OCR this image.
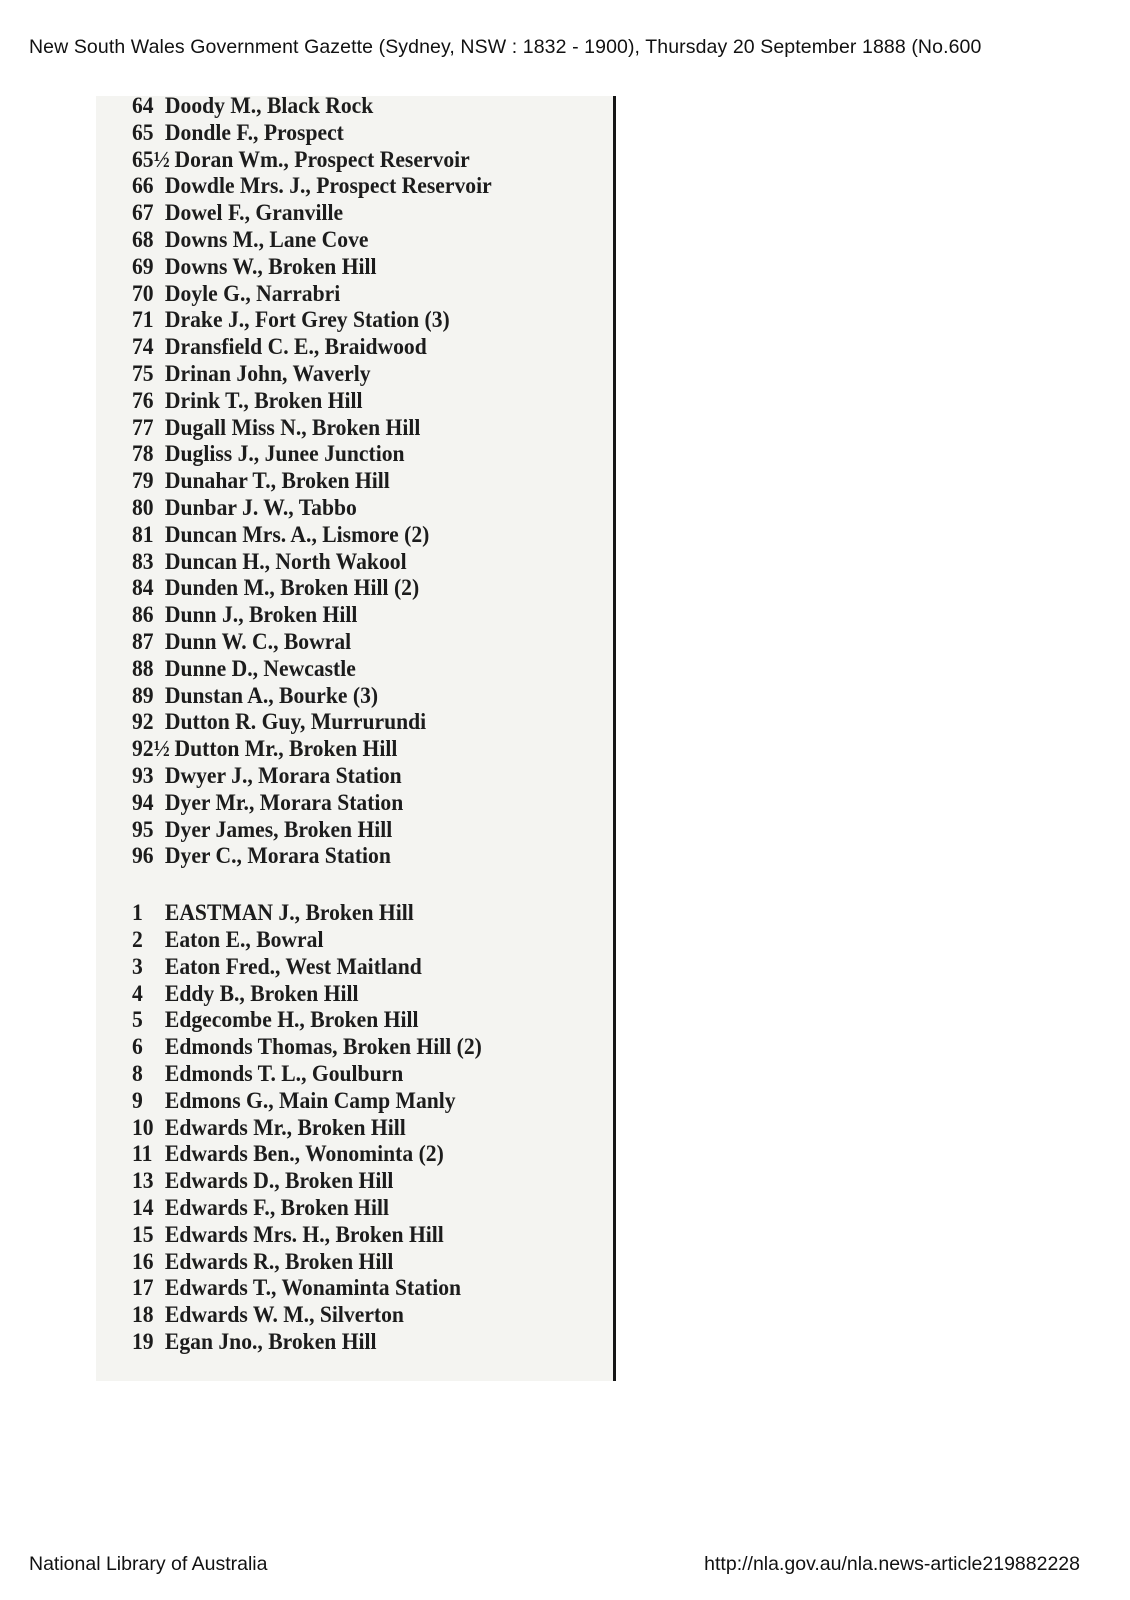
New South Wales Government Gazette (Sydney, NSW : 1832 - 1900), Thursday 20 September 1888 (No.600
64 Doody M., Black Rock
65 Dondle F., Prospect
65½ Doran Wm., Prospect Reservoir
66 Dowdle Mrs. J., Prospect Reservoir
67 Dowel F., Granville
68 Downs M., Lane Cove
69 Downs W., Broken Hill
70 Doyle G., Narrabri
71 Drake J., Fort Grey Station (3)
74 Dransfield C. E., Braidwood
75 Drinan John, Waverly
76 Drink T., Broken Hill
77 Dugall Miss N., Broken Hill
78 Dugliss J., Junee Junction
79 Dunahar T., Broken Hill
80 Dunbar J. W., Tabbo
81 Duncan Mrs. A., Lismore (2)
83 Duncan H., North Wakool
84 Dunden M., Broken Hill (2)
86 Dunn J., Broken Hill
87 Dunn W. C., Bowral
88 Dunne D., Newcastle
89 Dunstan A., Bourke (3)
92 Dutton R. Guy, Murrurundi
92½ Dutton Mr., Broken Hill
93 Dwyer J., Morara Station
94 Dyer Mr., Morara Station
95 Dyer James, Broken Hill
96 Dyer C., Morara Station
1 EASTMAN J., Broken Hill
2 Eaton E., Bowral
3 Eaton Fred., West Maitland
4 Eddy B., Broken Hill
5 Edgecombe H., Broken Hill
6 Edmonds Thomas, Broken Hill (2)
8 Edmonds T. L., Goulburn
9 Edmons G., Main Camp Manly
10 Edwards Mr., Broken Hill
11 Edwards Ben., Wonominta (2)
13 Edwards D., Broken Hill
14 Edwards F., Broken Hill
15 Edwards Mrs. H., Broken Hill
16 Edwards R., Broken Hill
17 Edwards T., Wonaminta Station
18 Edwards W. M., Silverton
19 Egan Jno., Broken Hill
National Library of Australia	http://nla.gov.au/nla.news-article219882228
